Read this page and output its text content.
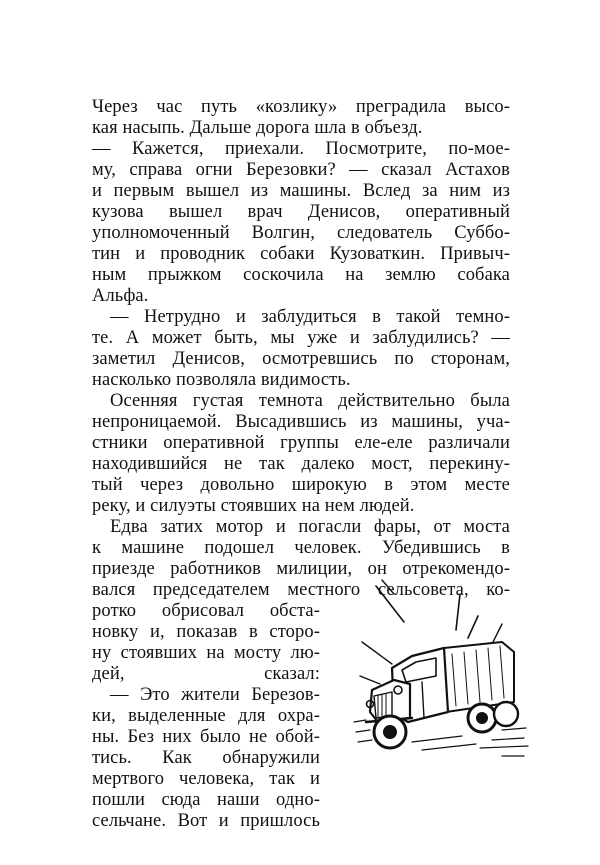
Через час путь «козлику» преградила высо-
кая насыпь. Дальше дорога шла в объезд.
— Кажется, приехали. Посмотрите, по-мое-
му, справа огни Березовки? — сказал Астахов
и первым вышел из машины. Вслед за ним из
кузова вышел врач Денисов, оперативный
уполномоченный Волгин, следователь Суббо-
тин и проводник собаки Кузоваткин. Привыч-
ным прыжком соскочила на землю собака
Альфа.
— Нетрудно и заблудиться в такой темно-
те. А может быть, мы уже и заблудились? —
заметил Денисов, осмотревшись по сторонам,
насколько позволяла видимость.
Осенняя густая темнота действительно была
непроницаемой. Высадившись из машины, уча-
стники оперативной группы еле-еле различали
находившийся не так далеко мост, перекину-
тый через довольно широкую в этом месте
реку, и силуэты стоявших на нем людей.
Едва затих мотор и погасли фары, от моста
к машине подошел человек. Убедившись в
приезде работников милиции, он отрекомендо-
вался председателем местного сельсовета, ко-
ротко обрисовал обста-
новку и, показав в сторо-
ну стоявших на мосту лю-
дей, сказал:
— Это жители Березов-
ки, выделенные для охра-
ны. Без них было не обой-
тись. Как обнаружили
мертвого человека, так и
пошли сюда наши одно-
сельчане. Вот и пришлось
